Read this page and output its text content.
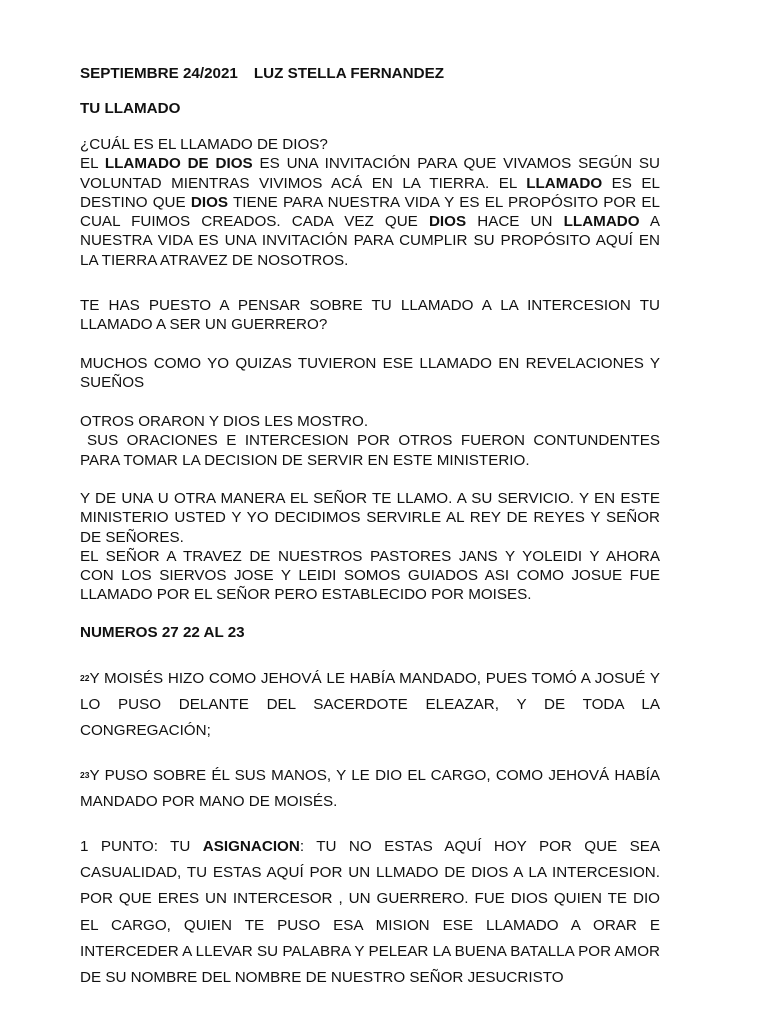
SEPTIEMBRE 24/2021 LUZ STELLA FERNANDEZ
TU LLAMADO
¿CUÁL ES EL LLAMADO DE DIOS?

EL LLAMADO DE DIOS ES UNA INVITACIÓN PARA QUE VIVAMOS SEGÚN SU VOLUNTAD MIENTRAS VIVIMOS ACÁ EN LA TIERRA. EL LLAMADO ES EL DESTINO QUE DIOS TIENE PARA NUESTRA VIDA Y ES EL PROPÓSITO POR EL CUAL FUIMOS CREADOS. CADA VEZ QUE DIOS HACE UN LLAMADO A NUESTRA VIDA ES UNA INVITACIÓN PARA CUMPLIR SU PROPÓSITO AQUÍ EN LA TIERRA ATRAVEZ DE NOSOTROS.

TE HAS PUESTO A PENSAR SOBRE TU LLAMADO A LA INTERCESION TU LLAMADO A SER UN GUERRERO?

MUCHOS COMO YO QUIZAS TUVIERON ESE LLAMADO EN REVELACIONES Y SUEÑOS

OTROS ORARON Y DIOS LES MOSTRO.
SUS ORACIONES E INTERCESION POR OTROS FUERON CONTUNDENTES PARA TOMAR LA DECISION DE SERVIR EN ESTE MINISTERIO.
Y DE UNA U OTRA MANERA EL SEÑOR TE LLAMO. A SU SERVICIO. Y EN ESTE MINISTERIO USTED Y YO DECIDIMOS SERVIRLE AL REY DE REYES Y SEÑOR DE SEÑORES.
EL SEÑOR A TRAVEZ DE NUESTROS PASTORES JANS Y YOLEIDI Y AHORA CON LOS SIERVOS JOSE Y LEIDI SOMOS GUIADOS ASI COMO JOSUE FUE LLAMADO POR EL SEÑOR PERO ESTABLECIDO POR MOISES.
NUMEROS 27 22 AL 23

$^{22}$Y MOISÉS HIZO COMO JEHOVÁ LE HABÍA MANDADO, PUES TOMÓ A JOSUÉ Y LO PUSO DELANTE DEL SACERDOTE ELEAZAR, Y DE TODA LA CONGREGACIÓN;

$^{23}$Y PUSO SOBRE ÉL SUS MANOS, Y LE DIO EL CARGO, COMO JEHOVÁ HABÍA MANDADO POR MANO DE MOISÉS.

1 PUNTO: TU ASIGNACION: TU NO ESTAS AQUÍ HOY POR QUE SEA CASUALIDAD, TU ESTAS AQUÍ POR UN LLMADO DE DIOS A LA INTERCESION. POR QUE ERES UN INTERCESOR , UN GUERRERO. FUE DIOS QUIEN TE DIO EL CARGO, QUIEN TE PUSO ESA MISION ESE LLAMADO A ORAR E INTERCEDER A LLEVAR SU PALABRA Y PELEAR LA BUENA BATALLA POR AMOR DE SU NOMBRE DEL NOMBRE DE NUESTRO SEÑOR JESUCRISTO
